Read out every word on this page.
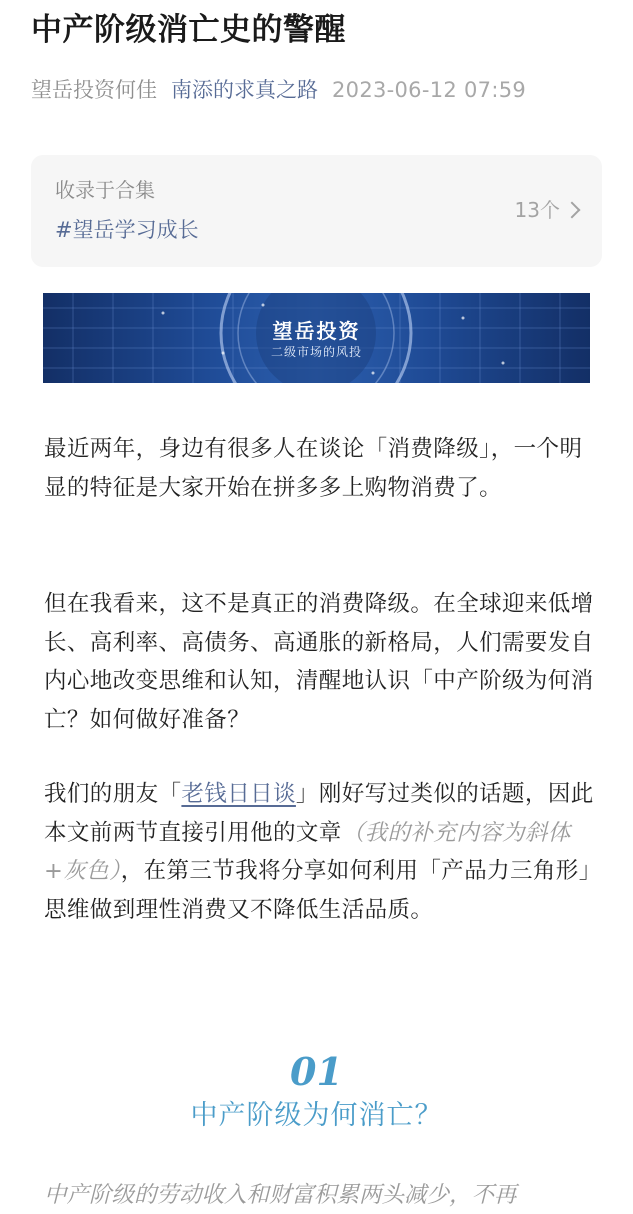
中产阶级消亡史的警醒
望岳投资何佳 南添的求真之路 2023-06-12 07:59
收录于合集
#望岳学习成长
13个
望岳投资
二级市场的风投
最近两年，身边有很多人在谈论「消费降级」，一个明显的特征是大家开始在拼多多上购物消费了。
但在我看来，这不是真正的消费降级。在全球迎来低增长、高利率、高债务、高通胀的新格局，人们需要发自内心地改变思维和认知，清醒地认识「中产阶级为何消亡？如何做好准备？
我们的朋友「老钱日日谈」刚好写过类似的话题，因此本文前两节直接引用他的文章（我的补充内容为斜体+灰色），在第三节我将分享如何利用「产品力三角形」思维做到理性消费又不降低生活品质。
01
中产阶级为何消亡？
中产阶级的劳动收入和财富积累两头减少，不再
